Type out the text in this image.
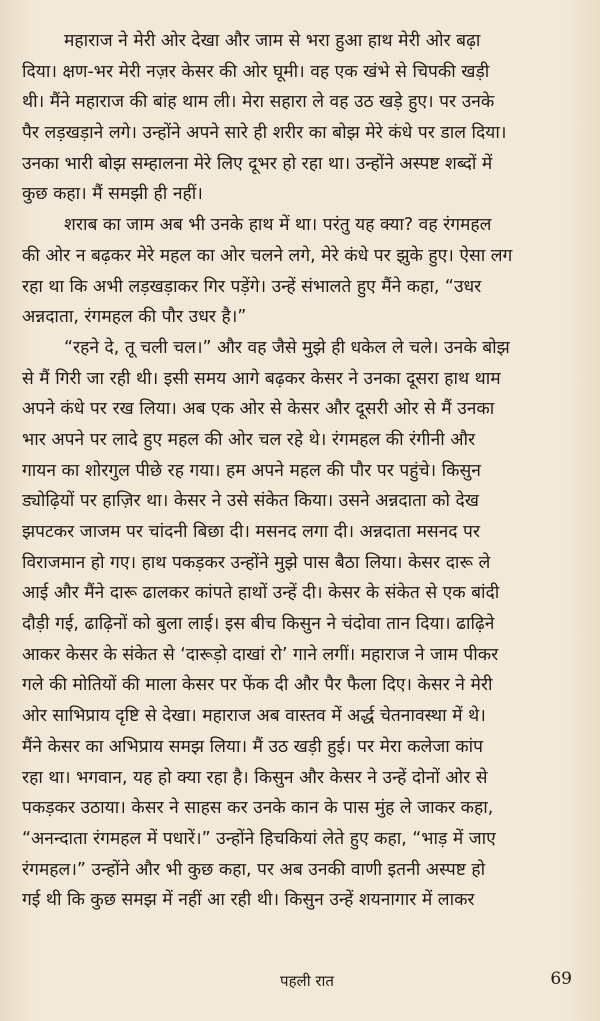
महाराज ने मेरी ओर देखा और जाम से भरा हुआ हाथ मेरी ओर बढ़ा
दिया। क्षण-भर मेरी नज़र केसर की ओर घूमी। वह एक खंभे से चिपकी खड़ी
थी। मैंने महाराज की बांह थाम ली। मेरा सहारा ले वह उठ खड़े हुए। पर उनके
पैर लड़खड़ाने लगे। उन्होंने अपने सारे ही शरीर का बोझ मेरे कंधे पर डाल दिया।
उनका भारी बोझ सम्हालना मेरे लिए दूभर हो रहा था। उन्होंने अस्पष्ट शब्दों में
कुछ कहा। मैं समझी ही नहीं।

शराब का जाम अब भी उनके हाथ में था। परंतु यह क्या? वह रंगमहल
की ओर न बढ़कर मेरे महल का ओर चलने लगे, मेरे कंधे पर झुके हुए। ऐसा लग
रहा था कि अभी लड़खड़ाकर गिर पड़ेंगे। उन्हें संभालते हुए मैंने कहा, “उधर
अन्नदाता, रंगमहल की पौर उधर है।”

“रहने दे, तू चली चल।” और वह जैसे मुझे ही धकेल ले चले। उनके बोझ
से मैं गिरी जा रही थी। इसी समय आगे बढ़कर केसर ने उनका दूसरा हाथ थाम
अपने कंधे पर रख लिया। अब एक ओर से केसर और दूसरी ओर से मैं उनका
भार अपने पर लादे हुए महल की ओर चल रहे थे। रंगमहल की रंगीनी और
गायन का शोरगुल पीछे रह गया। हम अपने महल की पौर पर पहुंचे। किसुन
ड्योढ़ियों पर हाज़िर था। केसर ने उसे संकेत किया। उसने अन्नदाता को देख
झपटकर जाजम पर चांदनी बिछा दी। मसनद लगा दी। अन्नदाता मसनद पर
विराजमान हो गए। हाथ पकड़कर उन्होंने मुझे पास बैठा लिया। केसर दारू ले
आई और मैंने दारू ढालकर कांपते हाथों उन्हें दी। केसर के संकेत से एक बांदी
दौड़ी गई, ढाढ़िनों को बुला लाई। इस बीच किसुन ने चंदोवा तान दिया। ढाढ़िने
आकर केसर के संकेत से ‘दारूड़ो दाखां रो’ गाने लगीं। महाराज ने जाम पीकर
गले की मोतियों की माला केसर पर फेंक दी और पैर फैला दिए। केसर ने मेरी
ओर साभिप्राय दृष्टि से देखा। महाराज अब वास्तव में अर्द्ध चेतनावस्था में थे।
मैंने केसर का अभिप्राय समझ लिया। मैं उठ खड़ी हुई। पर मेरा कलेजा कांप
रहा था। भगवान, यह हो क्या रहा है। किसुन और केसर ने उन्हें दोनों ओर से
पकड़कर उठाया। केसर ने साहस कर उनके कान के पास मुंह ले जाकर कहा,
“अनन्दाता रंगमहल में पधारें।” उन्होंने हिचकियां लेते हुए कहा, “भाड़ में जाए
रंगमहल।” उन्होंने और भी कुछ कहा, पर अब उनकी वाणी इतनी अस्पष्ट हो
गई थी कि कुछ समझ में नहीं आ रही थी। किसुन उन्हें शयनागार में लाकर

पहली रात	69
